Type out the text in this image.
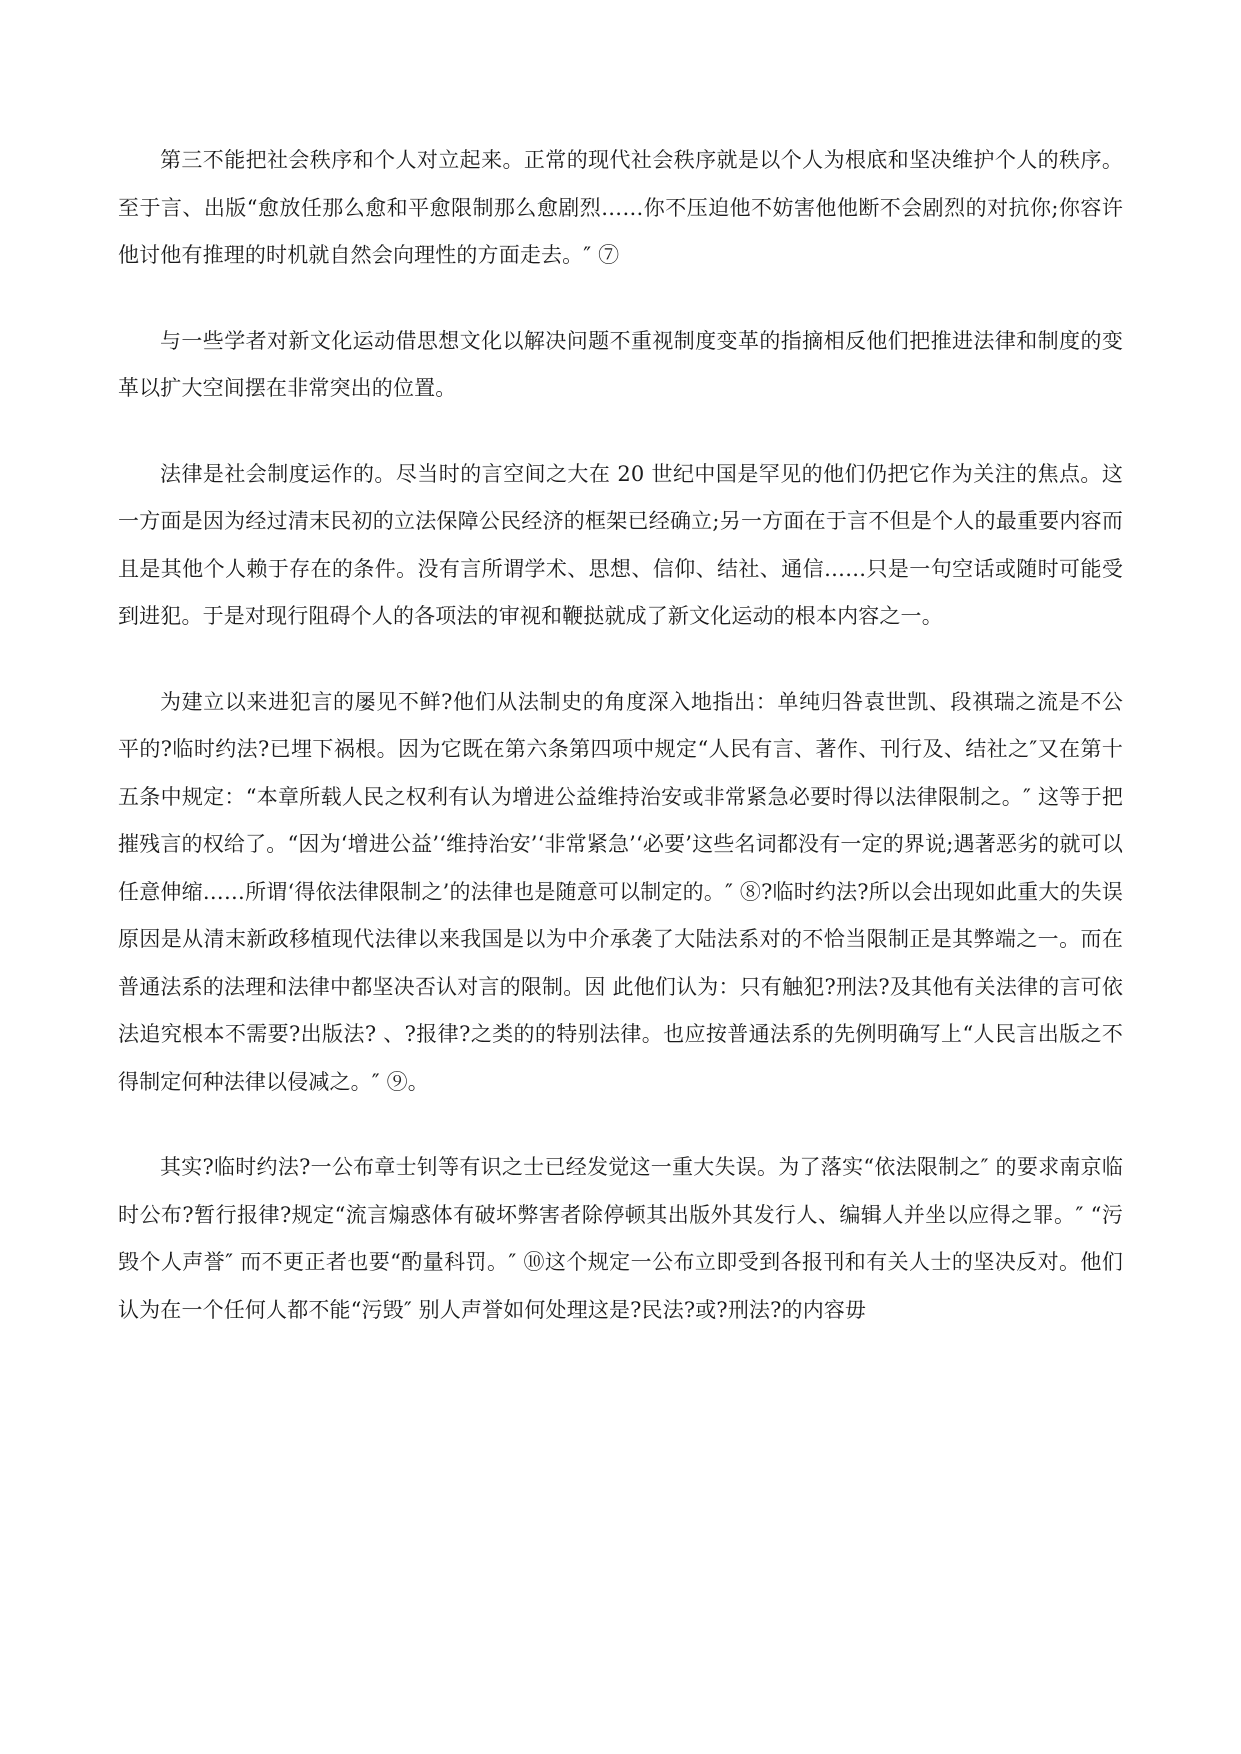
第三不能把社会秩序和个人对立起来。正常的现代社会秩序就是以个人为根底和坚决维护个人的秩序。至于言、出版“愈放任那么愈和平愈限制那么愈剧烈……你不压迫他不妨害他他断不会剧烈的对抗你;你容许他讨他有推理的时机就自然会向理性的方面走去。″ ⑦

与一些学者对新文化运动借思想文化以解决问题不重视制度变革的指摘相反他们把推进法律和制度的变革以扩大空间摆在非常突出的位置。

法律是社会制度运作的。尽当时的言空间之大在 20 世纪中国是罕见的他们仍把它作为关注的焦点。这一方面是因为经过清末民初的立法保障公民经济的框架已经确立;另一方面在于言不但是个人的最重要内容而且是其他个人赖于存在的条件。没有言所谓学术、思想、信仰、结社、通信……只是一句空话或随时可能受到进犯。于是对现行阻碍个人的各项法的审视和鞭挞就成了新文化运动的根本内容之一。

为建立以来进犯言的屡见不鲜?他们从法制史的角度深入地指出：单纯归咎袁世凯、段祺瑞之流是不公平的?临时约法?已埋下祸根。因为它既在第六条第四项中规定“人民有言、著作、刊行及、结社之″又在第十五条中规定：“本章所载人民之权利有认为增进公益维持治安或非常紧急必要时得以法律限制之。″ 这等于把摧残言的权给了。“因为‘增进公益’‘维持治安’‘非常紧急’‘必要’这些名词都没有一定的界说;遇著恶劣的就可以任意伸缩……所谓‘得依法律限制之’的法律也是随意可以制定的。″ ⑧?临时约法?所以会出现如此重大的失误原因是从清末新政移植现代法律以来我国是以为中介承袭了大陆法系对的不恰当限制正是其弊端之一。而在普通法系的法理和法律中都坚决否认对言的限制。因 此他们认为：只有触犯?刑法?及其他有关法律的言可依法追究根本不需要?出版法? 、?报律?之类的的特别法律。也应按普通法系的先例明确写上“人民言出版之不得制定何种法律以侵减之。″ ⑨。

其实?临时约法?一公布章士钊等有识之士已经发觉这一重大失误。为了落实“依法限制之″ 的要求南京临时公布?暂行报律?规定“流言煽惑体有破坏弊害者除停顿其出版外其发行人、编辑人并坐以应得之罪。″ “污毁个人声誉″ 而不更正者也要“酌量科罚。″ ⑩这个规定一公布立即受到各报刊和有关人士的坚决反对。他们认为在一个任何人都不能“污毁″ 别人声誉如何处理这是?民法?或?刑法?的内容毋
